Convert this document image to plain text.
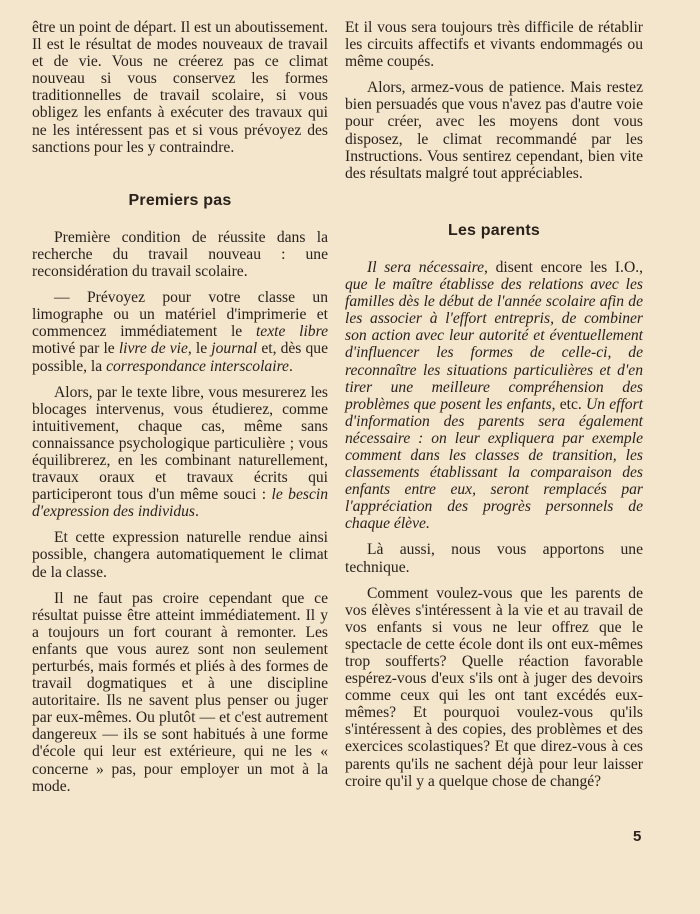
être un point de départ. Il est un aboutissement. Il est le résultat de modes nouveaux de travail et de vie. Vous ne créerez pas ce climat nouveau si vous conservez les formes traditionnelles de travail scolaire, si vous obligez les enfants à exécuter des travaux qui ne les intéressent pas et si vous prévoyez des sanctions pour les y contraindre.

Premiers pas

Première condition de réussite dans la recherche du travail nouveau : une reconsidération du travail scolaire.

— Prévoyez pour votre classe un limographe ou un matériel d'imprimerie et commencez immédiatement le texte libre motivé par le livre de vie, le journal et, dès que possible, la correspondance interscolaire.

Alors, par le texte libre, vous mesurerez les blocages intervenus, vous étudierez, comme intuitivement, chaque cas, même sans connaissance psychologique particulière ; vous équilibrerez, en les combinant naturellement, travaux oraux et travaux écrits qui participeront tous d'un même souci : le bescin d'expression des individus.

Et cette expression naturelle rendue ainsi possible, changera automatiquement le climat de la classe.

Il ne faut pas croire cependant que ce résultat puisse être atteint immédiatement. Il y a toujours un fort courant à remonter. Les enfants que vous aurez sont non seulement perturbés, mais formés et pliés à des formes de travail dogmatiques et à une discipline autoritaire. Ils ne savent plus penser ou juger par eux-mêmes. Ou plutôt — et c'est autrement dangereux — ils se sont habitués à une forme d'école qui leur est extérieure, qui ne les « concerne » pas, pour employer un mot à la mode.

Et il vous sera toujours très difficile de rétablir les circuits affectifs et vivants endommagés ou même coupés.

Alors, armez-vous de patience. Mais restez bien persuadés que vous n'avez pas d'autre voie pour créer, avec les moyens dont vous disposez, le climat recommandé par les Instructions. Vous sentirez cependant, bien vite des résultats malgré tout appréciables.

Les parents

Il sera nécessaire, disent encore les I.O., que le maître établisse des relations avec les familles dès le début de l'année scolaire afin de les associer à l'effort entrepris, de combiner son action avec leur autorité et éventuellement d'influencer les formes de celle-ci, de reconnaître les situations particulières et d'en tirer une meilleure compréhension des problèmes que posent les enfants, etc. Un effort d'information des parents sera également nécessaire : on leur expliquera par exemple comment dans les classes de transition, les classements établissant la comparaison des enfants entre eux, seront remplacés par l'appréciation des progrès personnels de chaque élève.

Là aussi, nous vous apportons une technique.

Comment voulez-vous que les parents de vos élèves s'intéressent à la vie et au travail de vos enfants si vous ne leur offrez que le spectacle de cette école dont ils ont eux-mêmes trop soufferts? Quelle réaction favorable espérez-vous d'eux s'ils ont à juger des devoirs comme ceux qui les ont tant excédés eux-mêmes? Et pourquoi voulez-vous qu'ils s'intéressent à des copies, des problèmes et des exercices scolastiques? Et que direz-vous à ces parents qu'ils ne sachent déjà pour leur laisser croire qu'il y a quelque chose de changé?

5
